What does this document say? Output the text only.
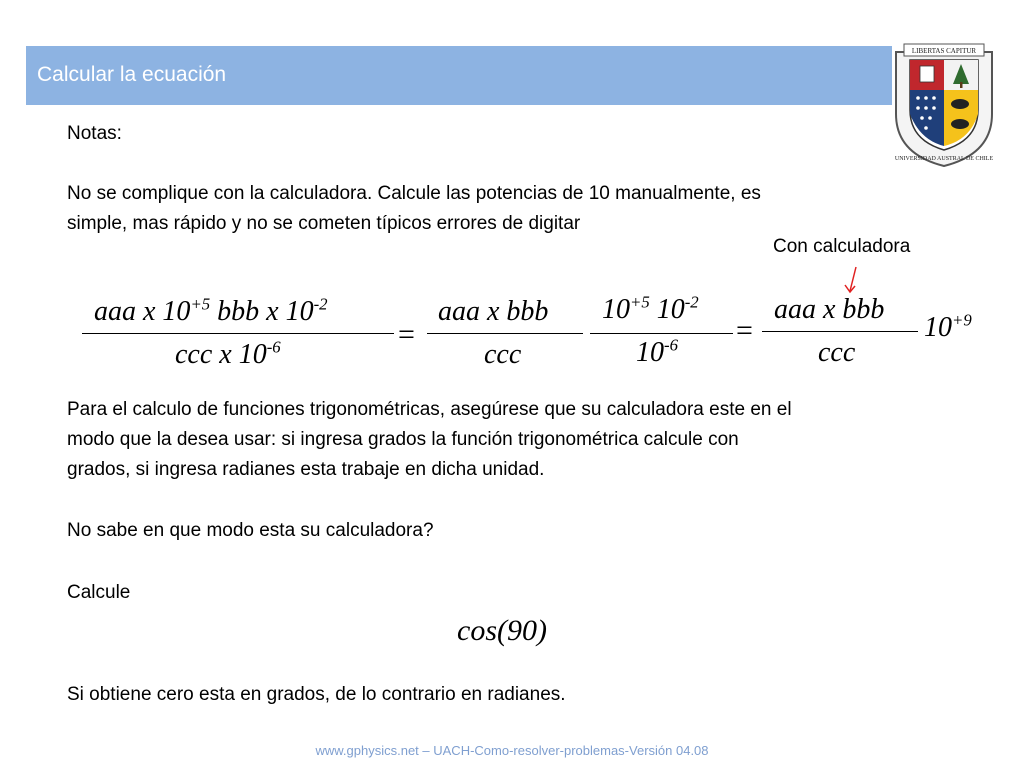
Calcular la ecuación
LIBERTAS CAPITUR
UNIVERSIDAD AUSTRAL DE CHILE
Notas:
No se complique con la calculadora. Calcule las potencias de 10 manualmente, es
simple, mas rápido y no se cometen típicos errores de digitar
Con calculadora
aaa x $10^{+5}$ bbb x $10^{-2}$
ccc x $10^{-6}$	=
aaa x bbb
ccc
$10^{+5}$ $10^{-2}$
$10^{-6}$ =
aaa x bbb
ccc
$10^{+9}$
Para el calculo de funciones trigonométricas, asegúrese que su calculadora este en el
modo que la desea usar: si ingresa grados la función trigonométrica calcule con
grados, si ingresa radianes esta trabaje en dicha unidad.
No sabe en que modo esta su calculadora?
Calcule
cos(90)
Si obtiene cero esta en grados, de lo contrario en radianes.
www.gphysics.net – UACH-Como-resolver-problemas-Versión 04.08
